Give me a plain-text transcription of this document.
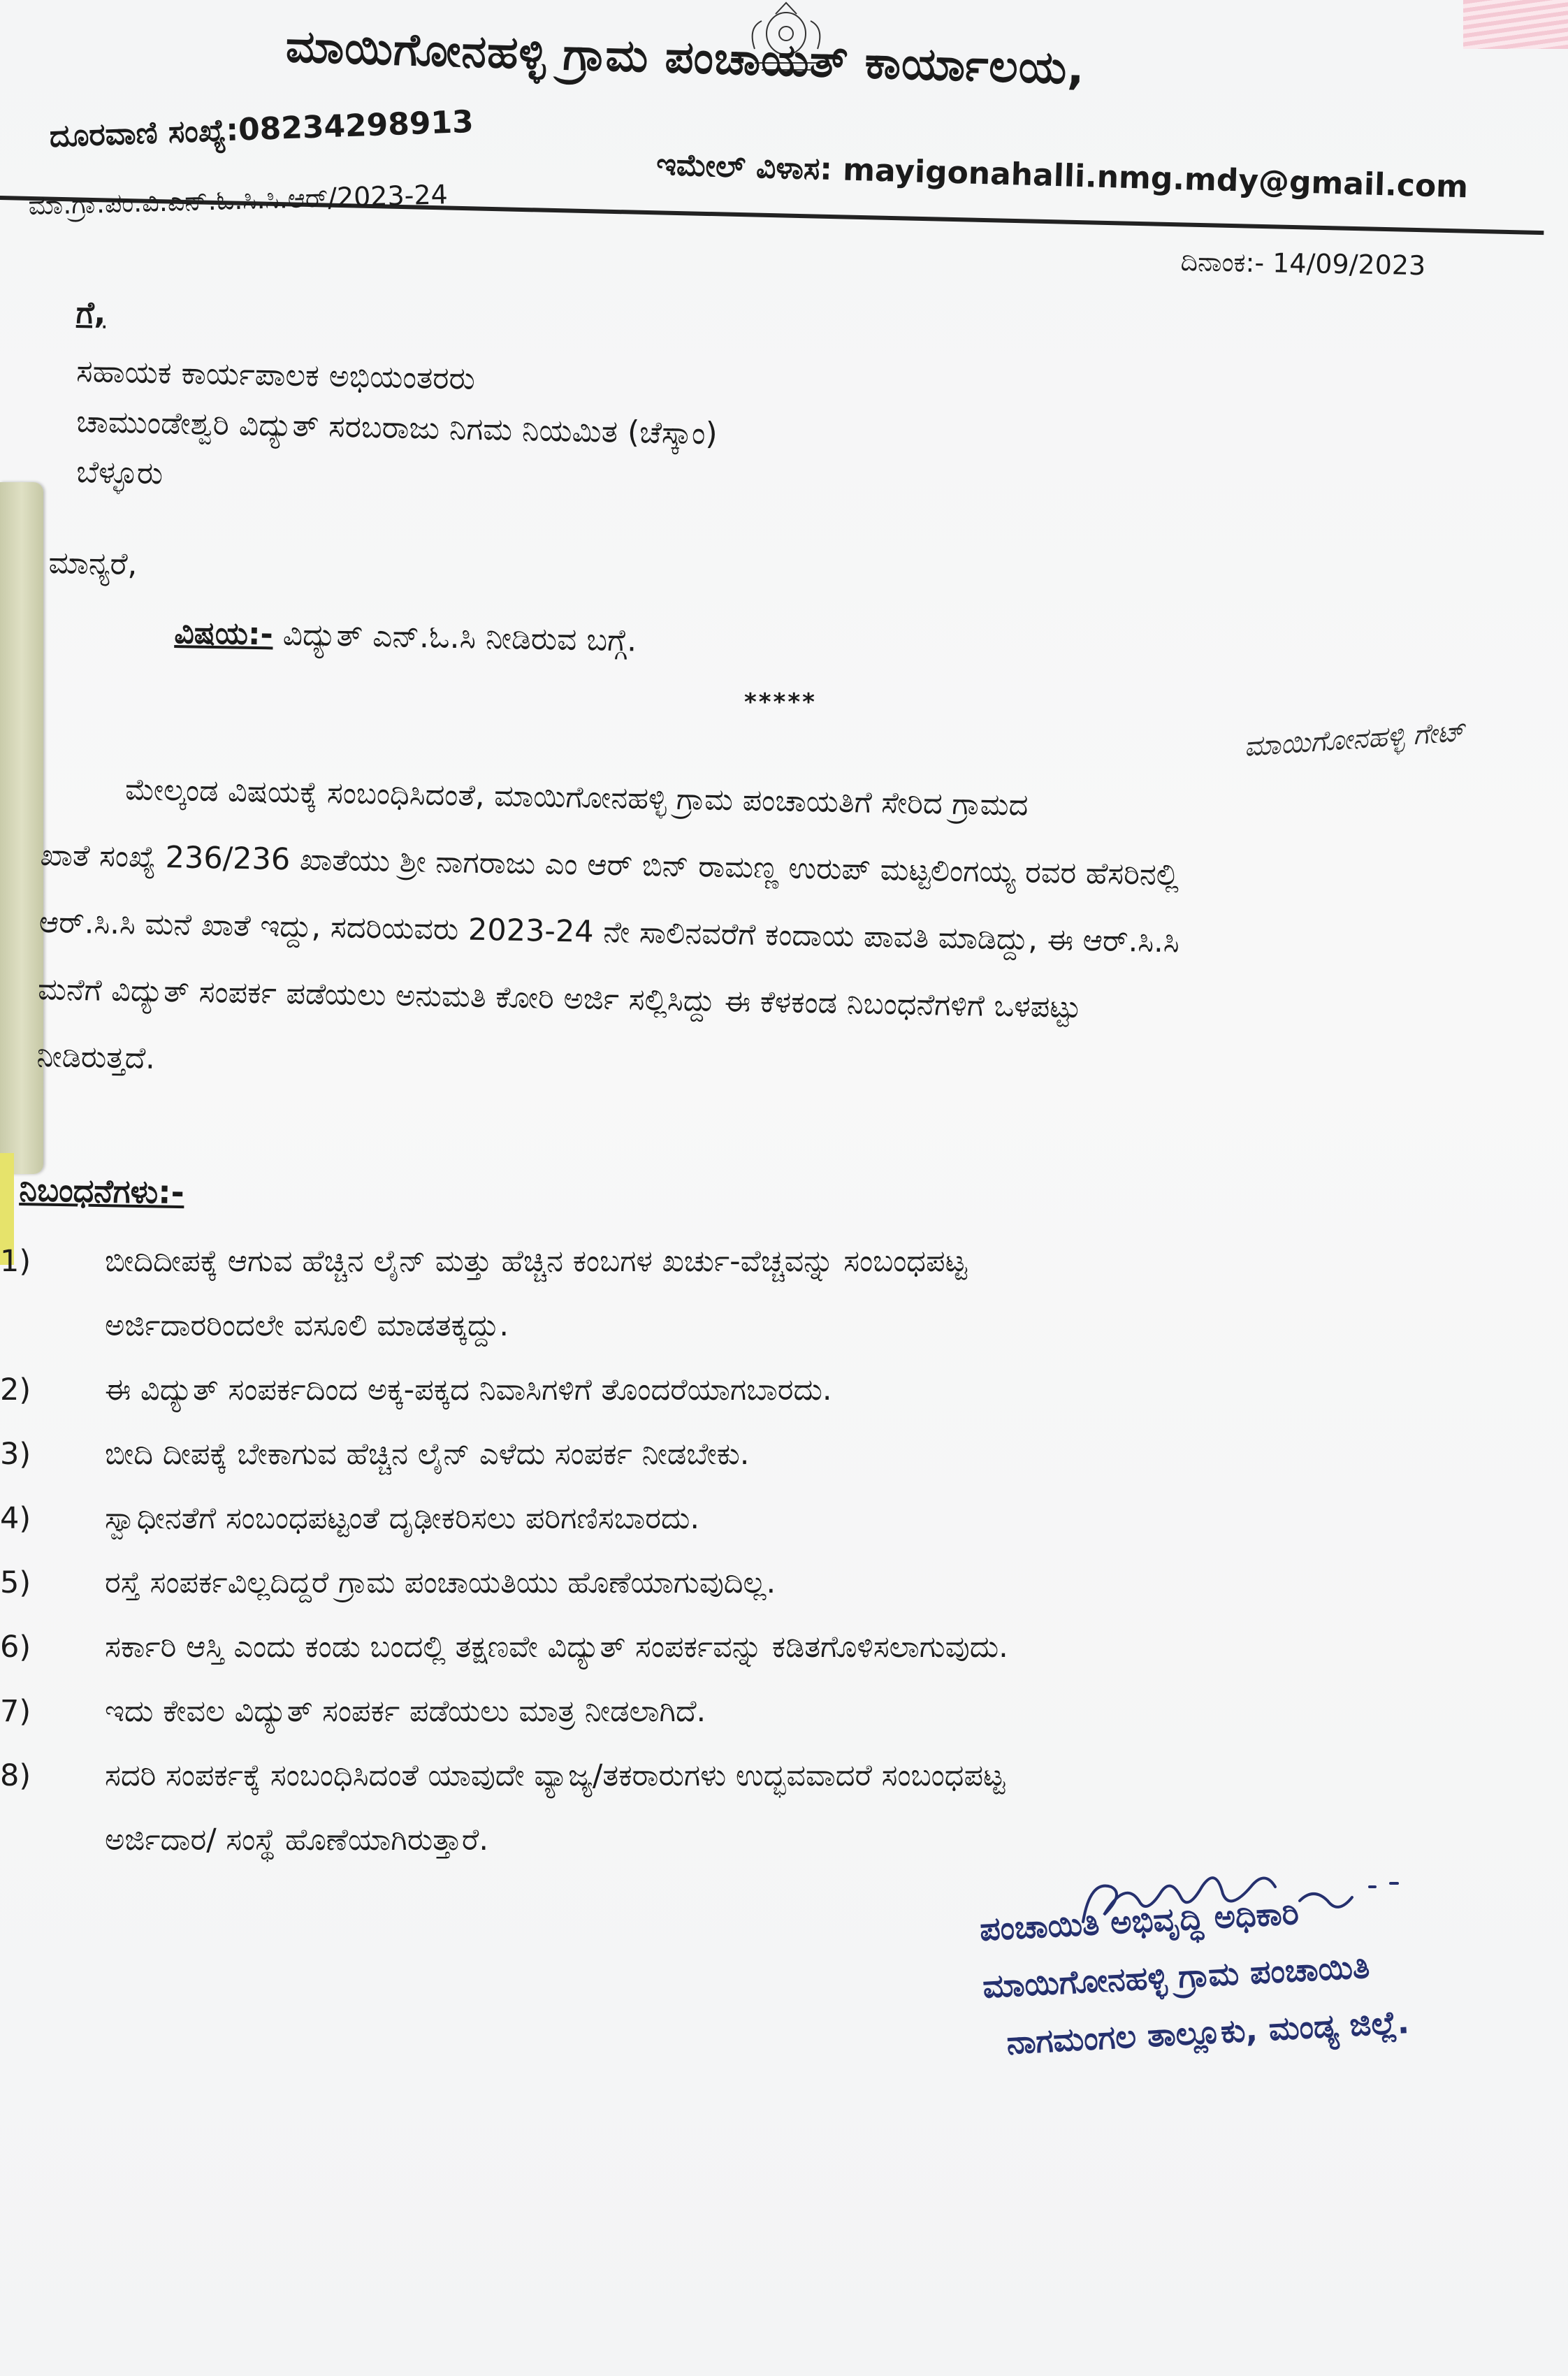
ಮಾಯಿಗೋನಹಳ್ಳಿ ಗ್ರಾಮ ಪಂಚಾಯತ್ ಕಾರ್ಯಾಲಯ,
ದೂರವಾಣಿ ಸಂಖ್ಯೆ:08234298913
ಇಮೇಲ್ ವಿಳಾಸ: mayigonahalli.nmg.mdy@gmail.com
ಮಾ.ಗ್ರಾ.ಪಂ.ವಿ.ಎನ್.ಓ.ಸಿ.ಸಿ.ಆರ್/2023-24
ದಿನಾಂಕ:- 14/09/2023
ಗೆ,
ಸಹಾಯಕ ಕಾರ್ಯಪಾಲಕ ಅಭಿಯಂತರರು
ಚಾಮುಂಡೇಶ್ವರಿ ವಿದ್ಯುತ್ ಸರಬರಾಜು ನಿಗಮ ನಿಯಮಿತ (ಚೆಸ್ಕಾಂ)
ಬೆಳ್ಳೂರು
ಮಾನ್ಯರೆ,
ವಿಷಯ:- ವಿದ್ಯುತ್ ಎನ್.ಓ.ಸಿ ನೀಡಿರುವ ಬಗ್ಗೆ.
*****
ಮಾಯಿಗೋನಹಳ್ಳಿ ಗೇಟ್
ಮೇಲ್ಕಂಡ ವಿಷಯಕ್ಕೆ ಸಂಬಂಧಿಸಿದಂತೆ, ಮಾಯಿಗೋನಹಳ್ಳಿ ಗ್ರಾಮ ಪಂಚಾಯತಿಗೆ ಸೇರಿದ ಗ್ರಾಮದ
ಖಾತೆ ಸಂಖ್ಯೆ 236/236 ಖಾತೆಯು ಶ್ರೀ ನಾಗರಾಜು ಎಂ ಆರ್ ಬಿನ್ ರಾಮಣ್ಣ ಉರುಪ್ ಮಟ್ಟಲಿಂಗಯ್ಯ ರವರ ಹೆಸರಿನಲ್ಲಿ
ಆರ್.ಸಿ.ಸಿ ಮನೆ ಖಾತೆ ಇದ್ದು, ಸದರಿಯವರು 2023-24 ನೇ ಸಾಲಿನವರೆಗೆ ಕಂದಾಯ ಪಾವತಿ ಮಾಡಿದ್ದು, ಈ ಆರ್.ಸಿ.ಸಿ
ಮನೆಗೆ ವಿದ್ಯುತ್ ಸಂಪರ್ಕ ಪಡೆಯಲು ಅನುಮತಿ ಕೋರಿ ಅರ್ಜಿ ಸಲ್ಲಿಸಿದ್ದು ಈ ಕೆಳಕಂಡ ನಿಬಂಧನೆಗಳಿಗೆ ಒಳಪಟ್ಟು
ನೀಡಿರುತ್ತದೆ.
ನಿಬಂಧನೆಗಳು:-
1)	ಬೀದಿದೀಪಕ್ಕೆ ಆಗುವ ಹೆಚ್ಚಿನ ಲೈನ್ ಮತ್ತು ಹೆಚ್ಚಿನ ಕಂಬಗಳ ಖರ್ಚು-ವೆಚ್ಚವನ್ನು ಸಂಬಂಧಪಟ್ಟ
ಅರ್ಜಿದಾರರಿಂದಲೇ ವಸೂಲಿ ಮಾಡತಕ್ಕದ್ದು.
2)	ಈ ವಿದ್ಯುತ್ ಸಂಪರ್ಕದಿಂದ ಅಕ್ಕ-ಪಕ್ಕದ ನಿವಾಸಿಗಳಿಗೆ ತೊಂದರೆಯಾಗಬಾರದು.
3)	ಬೀದಿ ದೀಪಕ್ಕೆ ಬೇಕಾಗುವ ಹೆಚ್ಚಿನ ಲೈನ್ ಎಳೆದು ಸಂಪರ್ಕ ನೀಡಬೇಕು.
4)	ಸ್ವಾಧೀನತೆಗೆ ಸಂಬಂಧಪಟ್ಟಂತೆ ದೃಢೀಕರಿಸಲು ಪರಿಗಣಿಸಬಾರದು.
5)	ರಸ್ತೆ ಸಂಪರ್ಕವಿಲ್ಲದಿದ್ದರೆ ಗ್ರಾಮ ಪಂಚಾಯತಿಯು ಹೊಣೆಯಾಗುವುದಿಲ್ಲ.
6)	ಸರ್ಕಾರಿ ಆಸ್ತಿ ಎಂದು ಕಂಡು ಬಂದಲ್ಲಿ ತಕ್ಷಣವೇ ವಿದ್ಯುತ್ ಸಂಪರ್ಕವನ್ನು ಕಡಿತಗೊಳಿಸಲಾಗುವುದು.
7)	ಇದು ಕೇವಲ ವಿದ್ಯುತ್ ಸಂಪರ್ಕ ಪಡೆಯಲು ಮಾತ್ರ ನೀಡಲಾಗಿದೆ.
8)	ಸದರಿ ಸಂಪರ್ಕಕ್ಕೆ ಸಂಬಂಧಿಸಿದಂತೆ ಯಾವುದೇ ವ್ಯಾಜ್ಯ/ತಕರಾರುಗಳು ಉದ್ಭವವಾದರೆ ಸಂಬಂಧಪಟ್ಟ
ಅರ್ಜಿದಾರ/ ಸಂಸ್ಥೆ ಹೊಣೆಯಾಗಿರುತ್ತಾರೆ.
ಪಂಚಾಯಿತಿ ಅಭಿವೃದ್ಧಿ ಅಧಿಕಾರಿ
ಮಾಯಿಗೋನಹಳ್ಳಿ ಗ್ರಾಮ ಪಂಚಾಯಿತಿ
ನಾಗಮಂಗಲ ತಾಲ್ಲೂಕು, ಮಂಡ್ಯ ಜಿಲ್ಲೆ.
